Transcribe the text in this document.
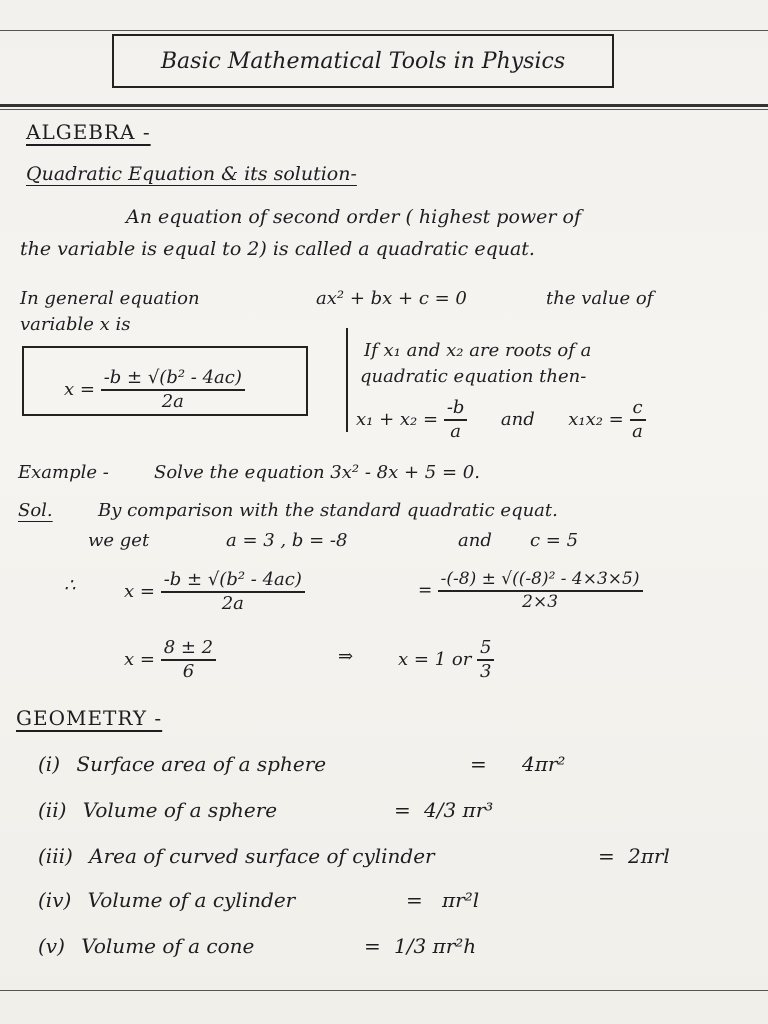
Basic Mathematical Tools in Physics
ALGEBRA -
Quadratic Equation & its solution-
An equation of second order ( highest power of
the variable is equal to 2) is called a quadratic equat.
In general equation	ax² + bx + c = 0	the value of
variable x is
$x = \frac{\text{-b ± √(b² - 4ac)}}{2a}$
If x₁ and x₂ are roots of a
quadratic equation then-
$x_1 + x_2 = \frac{-b}{a}$ and $x_1x_2 = \frac{c}{a}$
Example -	Solve the equation 3x² - 8x + 5 = 0.
Sol.	By comparison with the standard quadratic equat.
we get	a = 3 , b = -8	and c = 5
∴	$x = \frac{\text{-b ± √(b² - 4ac)}}{2a}$	= $\frac{\text{-(-8) ± √((-8)² - 4×3×5)}}{2\times 3}$
$x = \frac{8 \pm 2}{6}$	⇒ x = 1 or $\frac{5}{3}$
GEOMETRY -
(i) Surface area of a sphere	= 4πr²
(ii) Volume of a sphere	= 4/3 πr³
(iii) Area of curved surface of cylinder	= 2πrl
(iv) Volume of a cylinder	= πr²l
(v) Volume of a cone	= 1/3 πr²h
